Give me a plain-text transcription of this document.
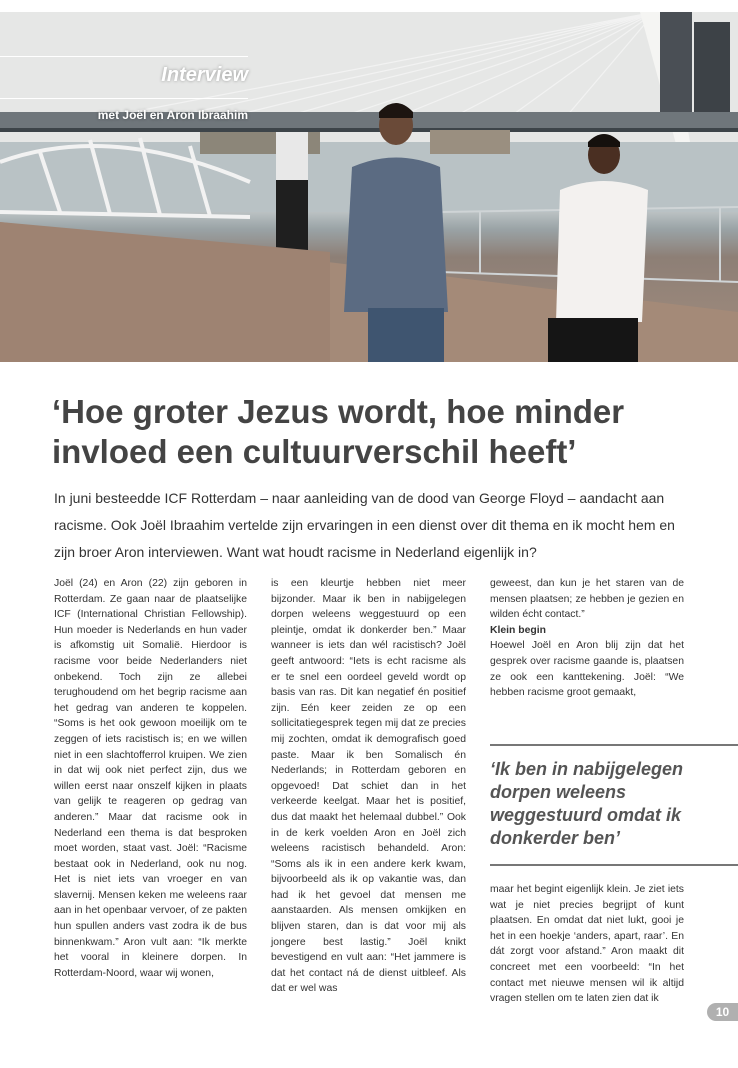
Interview
met Joël en Aron Ibraahim
‘Hoe groter Jezus wordt, hoe minder invloed een cultuurverschil heeft’

In juni besteedde ICF Rotterdam – naar aanleiding van de dood van George Floyd – aandacht aan racisme. Ook Joël Ibraahim vertelde zijn ervaringen in een dienst over dit thema en ik mocht hem en zijn broer Aron interviewen. Want wat houdt racisme in Nederland eigenlijk in?

Joël (24) en Aron (22) zijn geboren in Rotterdam. Ze gaan naar de plaatselijke ICF (International Christian Fellowship). Hun moeder is Nederlands en hun vader is afkomstig uit Somalië. Hierdoor is racisme voor beide Nederlanders niet onbekend. Toch zijn ze allebei terughoudend om het begrip racisme aan het gedrag van anderen te koppelen. “Soms is het ook gewoon moeilijk om te zeggen of iets racistisch is; en we willen niet in een slachtofferrol kruipen. We zien in dat wij ook niet perfect zijn, dus we willen eerst naar onszelf kijken in plaats van gelijk te reageren op gedrag van anderen.” Maar dat racisme ook in Nederland een thema is dat besproken moet worden, staat vast. Joël: “Racisme bestaat ook in Nederland, ook nu nog. Het is niet iets van vroeger en van slavernij. Mensen keken me weleens raar aan in het openbaar vervoer, of ze pakten hun spullen anders vast zodra ik de bus binnenkwam.” Aron vult aan: “Ik merkte het vooral in kleinere dorpen. In Rotterdam-Noord, waar wij wonen,

is een kleurtje hebben niet meer bijzonder. Maar ik ben in nabijgelegen dorpen weleens weggestuurd op een pleintje, omdat ik donkerder ben.” Maar wanneer is iets dan wél racistisch? Joël geeft antwoord: “Iets is echt racisme als er te snel een oordeel geveld wordt op basis van ras. Dit kan negatief én positief zijn. Eén keer zeiden ze op een sollicitatiegesprek tegen mij dat ze precies mij zochten, omdat ik demografisch goed paste. Maar ik ben Somalisch én Nederlands; in Rotterdam geboren en opgevoed! Dat schiet dan in het verkeerde keelgat. Maar het is positief, dus dat maakt het helemaal dubbel.” Ook in de kerk voelden Aron en Joël zich weleens racistisch behandeld. Aron: “Soms als ik in een andere kerk kwam, bijvoorbeeld als ik op vakantie was, dan had ik het gevoel dat mensen me aanstaarden. Als mensen omkijken en blijven staren, dan is dat voor mij als jongere best lastig.” Joël knikt bevestigend en vult aan: “Het jammere is dat het contact ná de dienst uitbleef. Als dat er wel was

geweest, dan kun je het staren van de mensen plaatsen; ze hebben je gezien en wilden écht contact.”

Klein begin

Hoewel Joël en Aron blij zijn dat het gesprek over racisme gaande is, plaatsen ze ook een kanttekening. Joël: “We hebben racisme groot gemaakt,

‘Ik ben in nabijgelegen dorpen weleens weggestuurd omdat ik donkerder ben’

maar het begint eigenlijk klein. Je ziet iets wat je niet precies begrijpt of kunt plaatsen. En omdat dat niet lukt, gooi je het in een hoekje ‘anders, apart, raar’. En dát zorgt voor afstand.” Aron maakt dit concreet met een voorbeeld: “In het contact met nieuwe mensen wil ik altijd vragen stellen om te laten zien dat ik

10
